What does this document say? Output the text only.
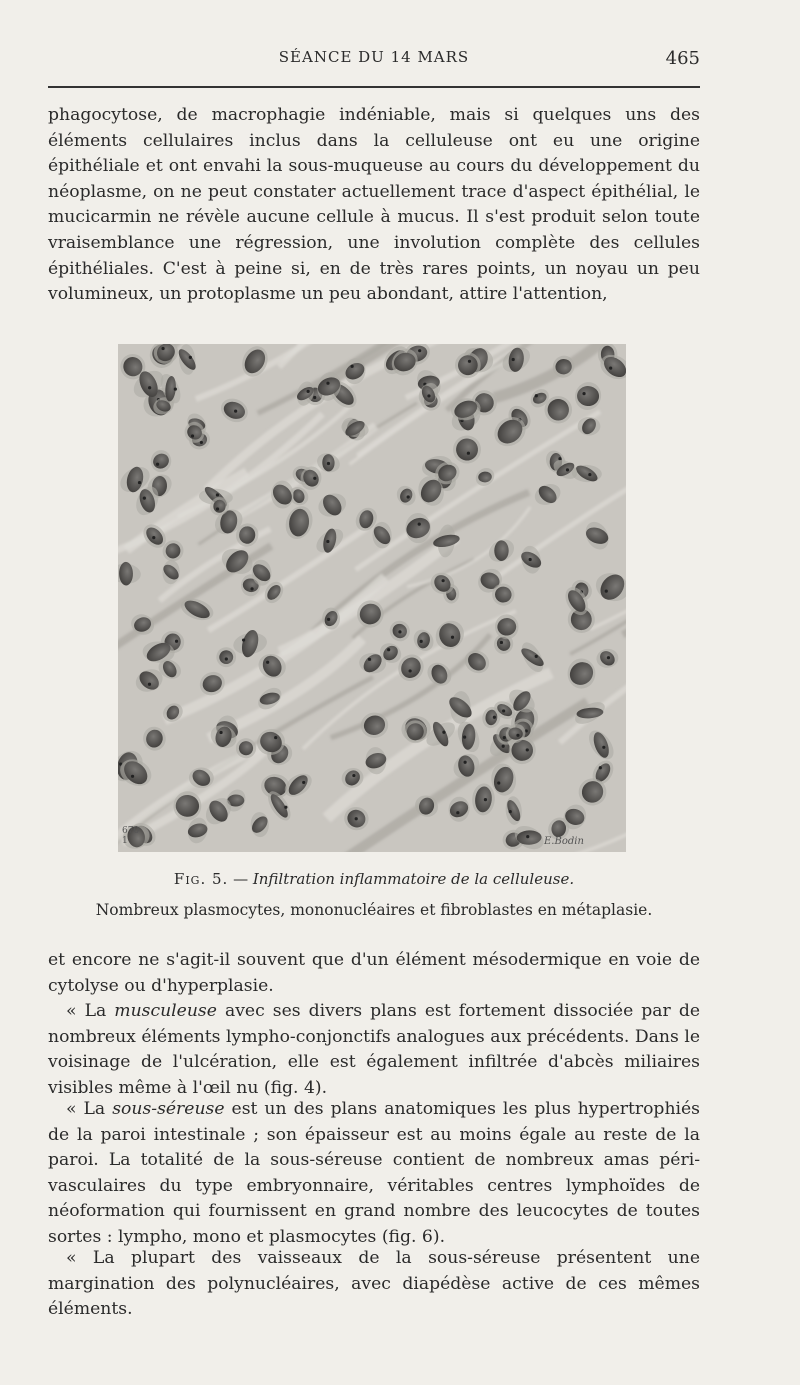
SÉANCE DU 14 MARS	465

phagocytose, de macrophagie indéniable, mais si quelques uns des éléments cellulaires inclus dans la celluleuse ont eu une origine épithéliale et ont envahi la sous-muqueuse au cours du développement du néoplasme, on ne peut constater actuellement trace d'aspect épithélial, le mucicarmin ne révèle aucune cellule à mucus. Il s'est produit selon toute vraisemblance une régression, une involution complète des cellules épithéliales. C'est à peine si, en de très rares points, un noyau un peu volumineux, un protoplasme un peu abondant, attire l'attention,

670
1	E.Bodin
Fig. 5. — Infiltration inflammatoire de la celluleuse.
Nombreux plasmocytes, mononucléaires et fibroblastes en métaplasie.

et encore ne s'agit-il souvent que d'un élément mésodermique en voie de cytolyse ou d'hyperplasie.

« La musculeuse avec ses divers plans est fortement dissociée par de nombreux éléments lympho-conjonctifs analogues aux précédents. Dans le voisinage de l'ulcération, elle est également infiltrée d'abcès miliaires visibles même à l'œil nu (fig. 4).

« La sous-séreuse est un des plans anatomiques les plus hypertrophiés de la paroi intestinale ; son épaisseur est au moins égale au reste de la paroi. La totalité de la sous-séreuse contient de nombreux amas péri-vasculaires du type embryonnaire, véritables centres lymphoïdes de néoformation qui fournissent en grand nombre des leucocytes de toutes sortes : lympho, mono et plasmocytes (fig. 6).

« La plupart des vaisseaux de la sous-séreuse présentent une margination des polynucléaires, avec diapédèse active de ces mêmes éléments.
